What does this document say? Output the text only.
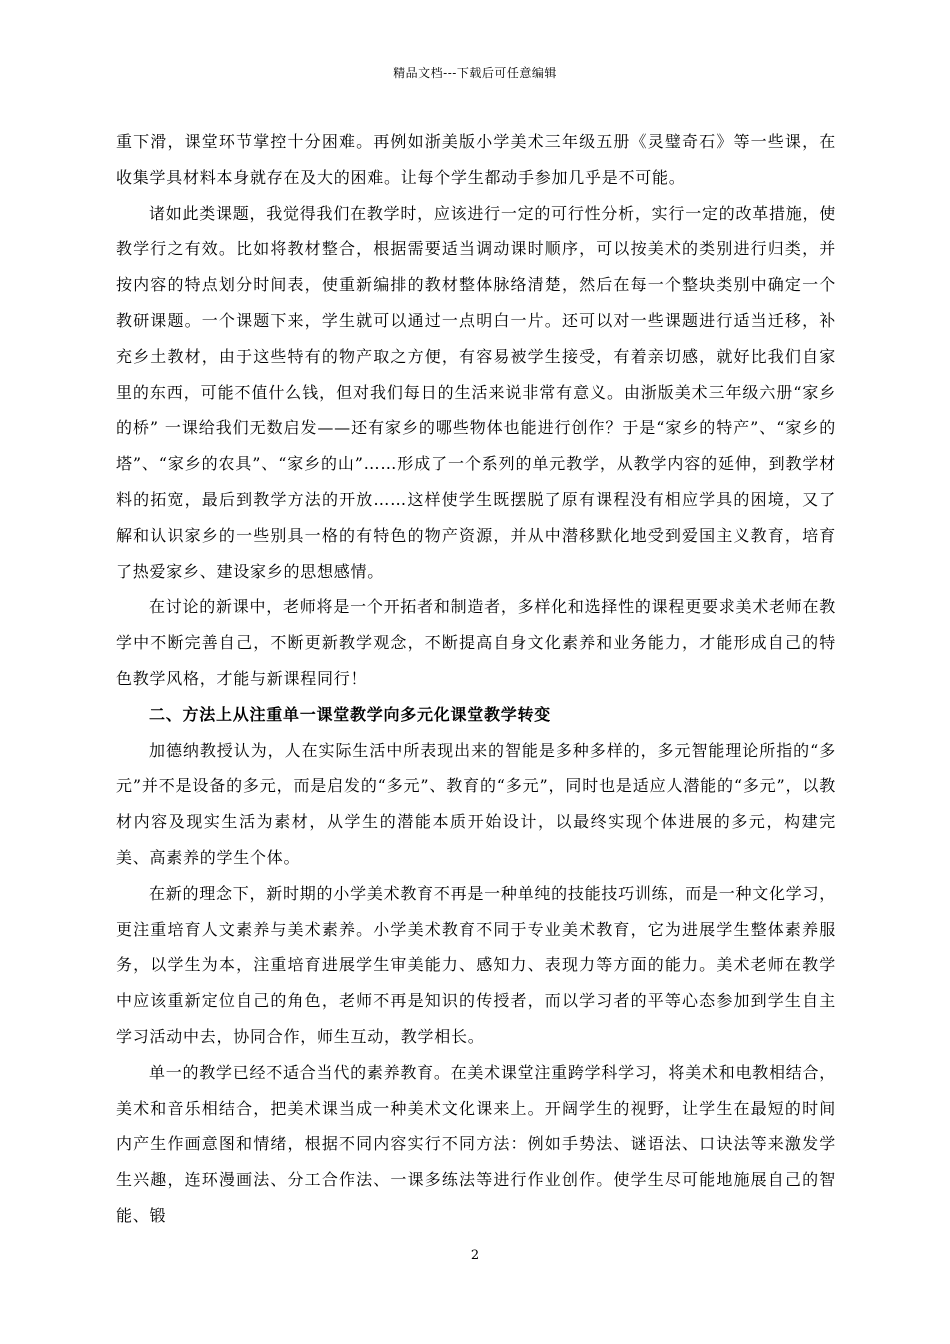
精品文档---下载后可任意编辑

重下滑，课堂环节掌控十分困难。再例如浙美版小学美术三年级五册《灵璧奇石》等一些课，在收集学具材料本身就存在及大的困难。让每个学生都动手参加几乎是不可能。

诸如此类课题，我觉得我们在教学时，应该进行一定的可行性分析，实行一定的改革措施，使教学行之有效。比如将教材整合，根据需要适当调动课时顺序，可以按美术的类别进行归类，并按内容的特点划分时间表，使重新编排的教材整体脉络清楚，然后在每一个整块类别中确定一个教研课题。一个课题下来，学生就可以通过一点明白一片。还可以对一些课题进行适当迁移，补充乡土教材，由于这些特有的物产取之方便，有容易被学生接受，有着亲切感，就好比我们自家里的东西，可能不值什么钱，但对我们每日的生活来说非常有意义。由浙版美术三年级六册“家乡的桥” 一课给我们无数启发——还有家乡的哪些物体也能进行创作？于是“家乡的特产”、“家乡的塔”、“家乡的农具”、“家乡的山”……形成了一个系列的单元教学，从教学内容的延伸，到教学材料的拓宽，最后到教学方法的开放……这样使学生既摆脱了原有课程没有相应学具的困境，又了解和认识家乡的一些别具一格的有特色的物产资源，并从中潜移默化地受到爱国主义教育，培育了热爱家乡、建设家乡的思想感情。

在讨论的新课中，老师将是一个开拓者和制造者，多样化和选择性的课程更要求美术老师在教学中不断完善自己，不断更新教学观念，不断提高自身文化素养和业务能力，才能形成自己的特色教学风格，才能与新课程同行！

二、方法上从注重单一课堂教学向多元化课堂教学转变

加德纳教授认为，人在实际生活中所表现出来的智能是多种多样的，多元智能理论所指的“多元”并不是设备的多元，而是启发的“多元”、教育的“多元”，同时也是适应人潜能的“多元”，以教材内容及现实生活为素材，从学生的潜能本质开始设计，以最终实现个体进展的多元，构建完美、高素养的学生个体。

在新的理念下，新时期的小学美术教育不再是一种单纯的技能技巧训练，而是一种文化学习，更注重培育人文素养与美术素养。小学美术教育不同于专业美术教育，它为进展学生整体素养服务，以学生为本，注重培育进展学生审美能力、感知力、表现力等方面的能力。美术老师在教学中应该重新定位自己的角色，老师不再是知识的传授者，而以学习者的平等心态参加到学生自主学习活动中去，协同合作，师生互动，教学相长。

单一的教学已经不适合当代的素养教育。在美术课堂注重跨学科学习，将美术和电教相结合，美术和音乐相结合，把美术课当成一种美术文化课来上。开阔学生的视野，让学生在最短的时间内产生作画意图和情绪，根据不同内容实行不同方法：例如手势法、谜语法、口诀法等来激发学生兴趣，连环漫画法、分工合作法、一课多练法等进行作业创作。使学生尽可能地施展自己的智能、锻

2
